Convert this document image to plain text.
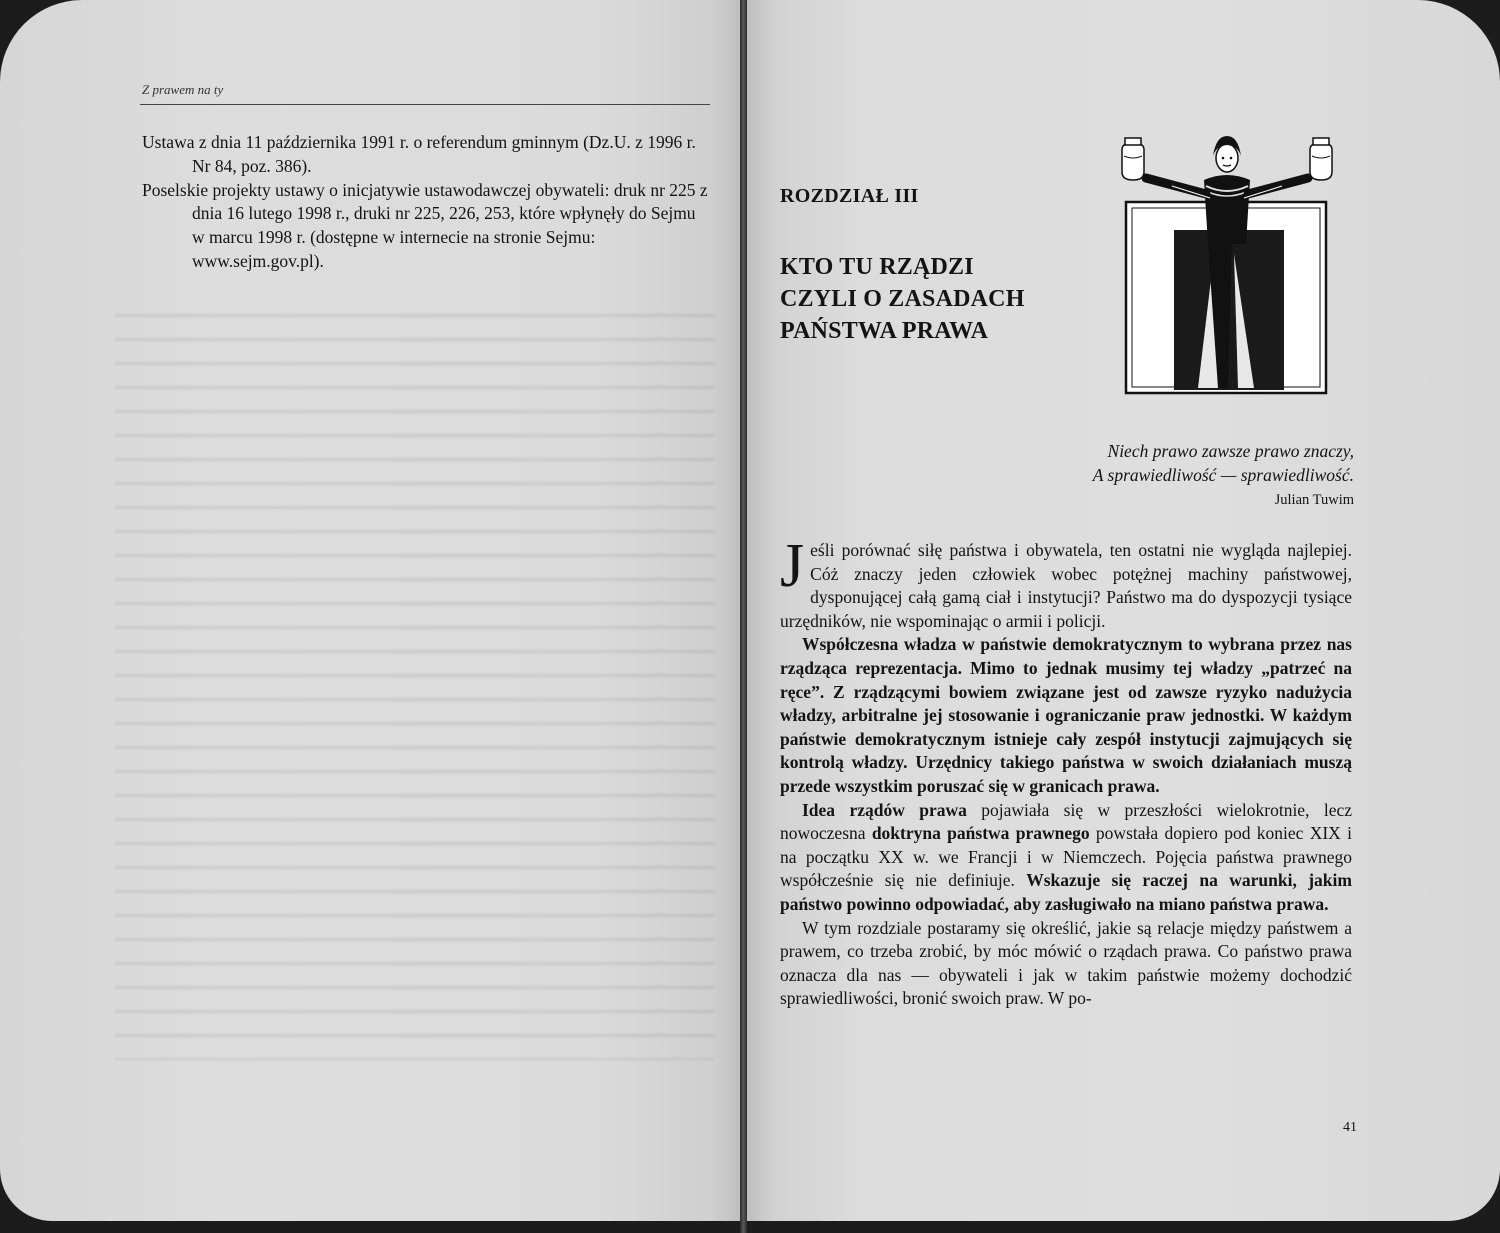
Z prawem na ty

Ustawa z dnia 11 października 1991 r. o referendum gminnym (Dz.U. z 1996 r. Nr 84, poz. 386).

Poselskie projekty ustawy o inicjatywie ustawodawczej obywateli: druk nr 225 z dnia 16 lutego 1998 r., druki nr 225, 226, 253, które wpłynęły do Sejmu w marcu 1998 r. (dostępne w internecie na stronie Sejmu: www.sejm.gov.pl).

ROZDZIAŁ III
KTO TU RZĄDZI
CZYLI O ZASADACH
PAŃSTWA PRAWA
Niech prawo zawsze prawo znaczy,
A sprawiedliwość — sprawiedliwość.
Julian Tuwim

Jeśli porównać siłę państwa i obywatela, ten ostatni nie wygląda najlepiej. Cóż znaczy jeden człowiek wobec potężnej machiny państwowej, dysponującej całą gamą ciał i instytucji? Państwo ma do dyspozycji tysiące urzędników, nie wspominając o armii i policji.

Współczesna władza w państwie demokratycznym to wybrana przez nas rządząca reprezentacja. Mimo to jednak musimy tej władzy „patrzeć na ręce”. Z rządzącymi bowiem związane jest od zawsze ryzyko nadużycia władzy, arbitralne jej stosowanie i ograniczanie praw jednostki. W każdym państwie demokratycznym istnieje cały zespół instytucji zajmujących się kontrolą władzy. Urzędnicy takiego państwa w swoich działaniach muszą przede wszystkim poruszać się w granicach prawa.

Idea rządów prawa pojawiała się w przeszłości wielokrotnie, lecz nowoczesna doktryna państwa prawnego powstała dopiero pod koniec XIX i na początku XX w. we Francji i w Niemczech. Pojęcia państwa prawnego współcześnie się nie definiuje. Wskazuje się raczej na warunki, jakim państwo powinno odpowiadać, aby zasługiwało na miano państwa prawa.

W tym rozdziale postaramy się określić, jakie są relacje między państwem a prawem, co trzeba zrobić, by móc mówić o rządach prawa. Co państwo prawa oznacza dla nas — obywateli i jak w takim państwie możemy dochodzić sprawiedliwości, bronić swoich praw. W po-

41
